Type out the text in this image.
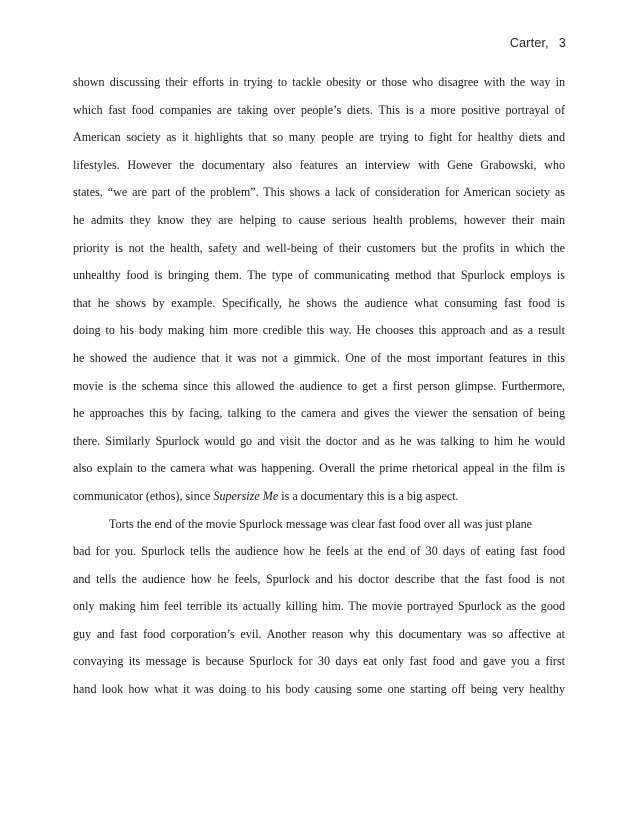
Carter, 3
shown discussing their efforts in trying to tackle obesity or those who disagree with the way in
which fast food companies are taking over people’s diets. This is a more positive portrayal of
American society as it highlights that so many people are trying to fight for healthy diets and
lifestyles. However the documentary also features an interview with Gene Grabowski, who
states, “we are part of the problem”. This shows a lack of consideration for American society as
he admits they know they are helping to cause serious health problems, however their main
priority is not the health, safety and well-being of their customers but the profits in which the
unhealthy food is bringing them. The type of communicating method that Spurlock employs is
that he shows by example. Specifically, he shows the audience what consuming fast food is
doing to his body making him more credible this way. He chooses this approach and as a result
he showed the audience that it was not a gimmick. One of the most important features in this
movie is the schema since this allowed the audience to get a first person glimpse. Furthermore,
he approaches this by facing, talking to the camera and gives the viewer the sensation of being
there. Similarly Spurlock would go and visit the doctor and as he was talking to him he would
also explain to the camera what was happening. Overall the prime rhetorical appeal in the film is
communicator (ethos), since Supersize Me is a documentary this is a big aspect.
Torts the end of the movie Spurlock message was clear fast food over all was just plane
bad for you. Spurlock tells the audience how he feels at the end of 30 days of eating fast food
and tells the audience how he feels, Spurlock and his doctor describe that the fast food is not
only making him feel terrible its actually killing him. The movie portrayed Spurlock as the good
guy and fast food corporation’s evil. Another reason why this documentary was so affective at
convaying its message is because Spurlock for 30 days eat only fast food and gave you a first
hand look how what it was doing to his body causing some one starting off being very healthy
